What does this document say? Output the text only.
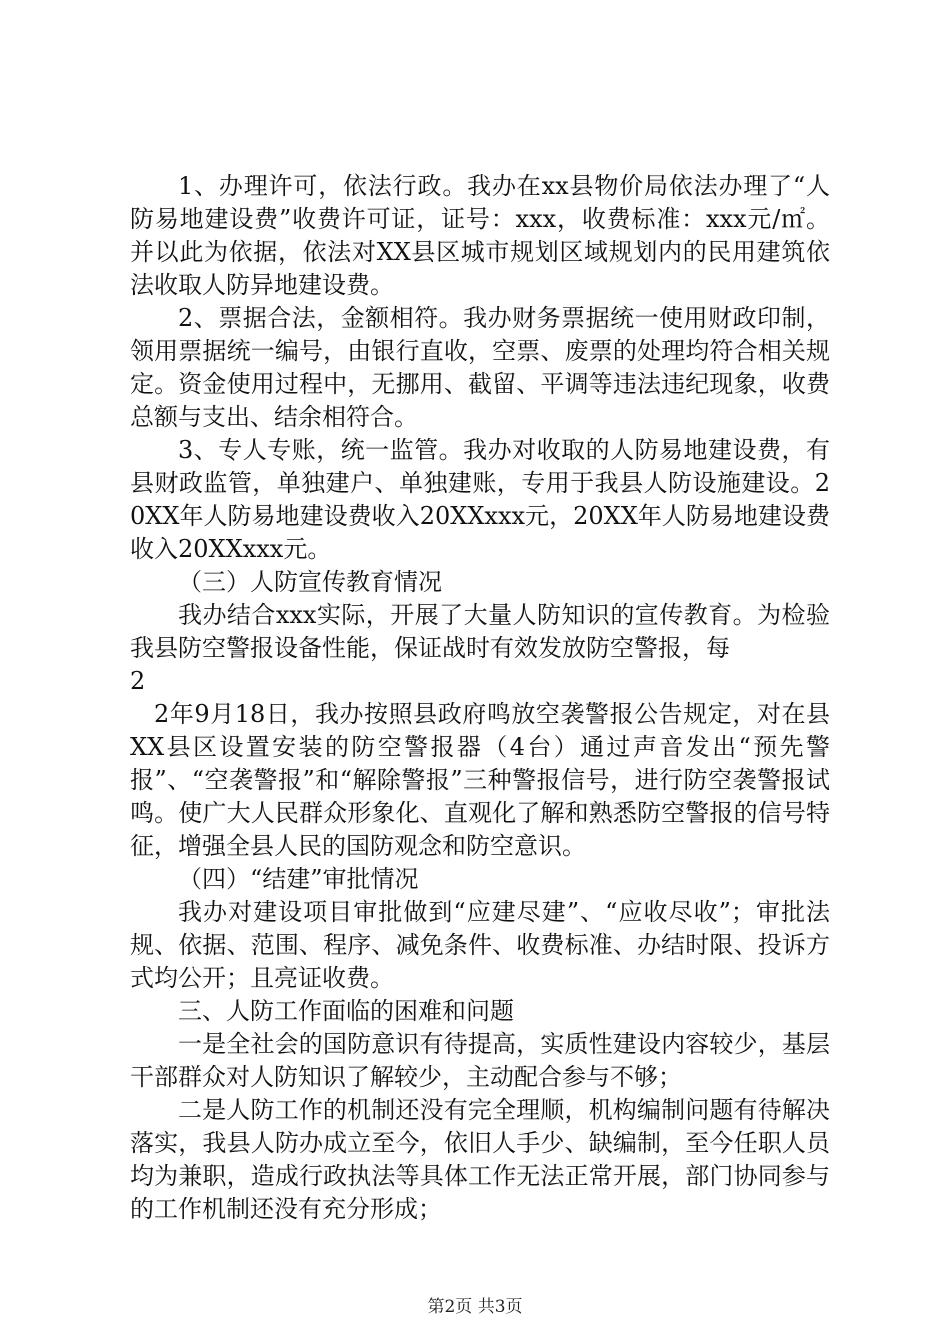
1、办理许可，依法行政。我办在xx县物价局依法办理了“人防易地建设费”收费许可证，证号：xxx，收费标准：xxx元/㎡。并以此为依据，依法对XX县区城市规划区域规划内的民用建筑依法收取人防异地建设费。

2、票据合法，金额相符。我办财务票据统一使用财政印制，领用票据统一编号，由银行直收，空票、废票的处理均符合相关规定。资金使用过程中，无挪用、截留、平调等违法违纪现象，收费总额与支出、结余相符合。

3、专人专账，统一监管。我办对收取的人防易地建设费，有县财政监管，单独建户、单独建账，专用于我县人防设施建设。20XX年人防易地建设费收入20XXxxx元，20XX年人防易地建设费收入20XXxxx元。

（三）人防宣传教育情况

我办结合xxx实际，开展了大量人防知识的宣传教育。为检验我县防空警报设备性能，保证战时有效发放防空警报，每

2

2年9月18日，我办按照县政府鸣放空袭警报公告规定，对在县XX县区设置安装的防空警报器（4台）通过声音发出“预先警报”、“空袭警报”和“解除警报”三种警报信号，进行防空袭警报试鸣。使广大人民群众形象化、直观化了解和熟悉防空警报的信号特征，增强全县人民的国防观念和防空意识。

（四）“结建”审批情况

我办对建设项目审批做到“应建尽建”、“应收尽收”；审批法规、依据、范围、程序、减免条件、收费标准、办结时限、投诉方式均公开；且亮证收费。

三、人防工作面临的困难和问题

一是全社会的国防意识有待提高，实质性建设内容较少，基层干部群众对人防知识了解较少，主动配合参与不够；

二是人防工作的机制还没有完全理顺，机构编制问题有待解决落实，我县人防办成立至今，依旧人手少、缺编制，至今任职人员均为兼职，造成行政执法等具体工作无法正常开展，部门协同参与的工作机制还没有充分形成；

第2页 共3页
